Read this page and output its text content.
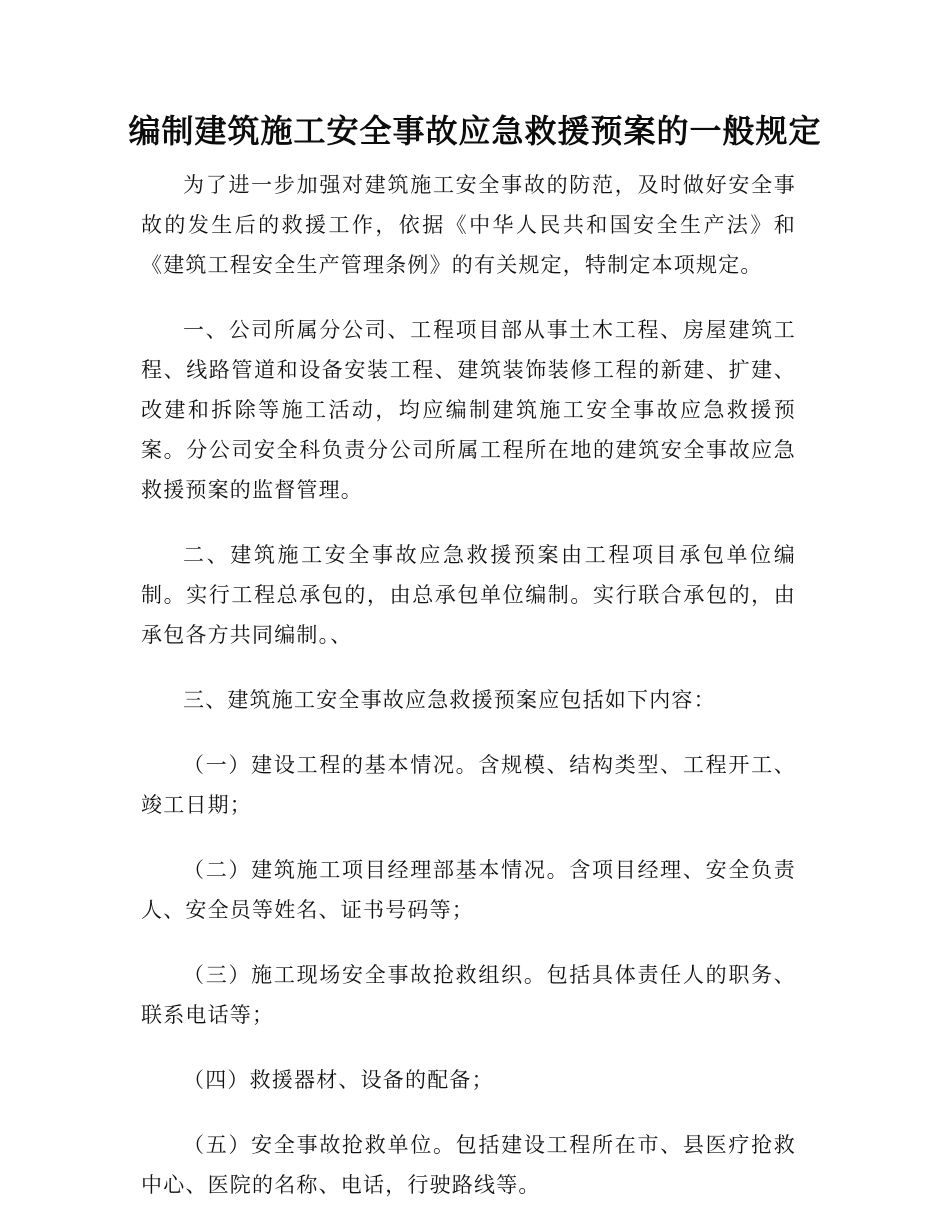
编制建筑施工安全事故应急救援预案的一般规定

为了进一步加强对建筑施工安全事故的防范，及时做好安全事故的发生后的救援工作，依据《中华人民共和国安全生产法》和《建筑工程安全生产管理条例》的有关规定，特制定本项规定。

一、公司所属分公司、工程项目部从事土木工程、房屋建筑工程、线路管道和设备安装工程、建筑装饰装修工程的新建、扩建、改建和拆除等施工活动，均应编制建筑施工安全事故应急救援预案。分公司安全科负责分公司所属工程所在地的建筑安全事故应急救援预案的监督管理。

二、建筑施工安全事故应急救援预案由工程项目承包单位编制。实行工程总承包的，由总承包单位编制。实行联合承包的，由承包各方共同编制。、

三、建筑施工安全事故应急救援预案应包括如下内容：

（一）建设工程的基本情况。含规模、结构类型、工程开工、竣工日期；

（二）建筑施工项目经理部基本情况。含项目经理、安全负责人、安全员等姓名、证书号码等；

（三）施工现场安全事故抢救组织。包括具体责任人的职务、联系电话等；

（四）救援器材、设备的配备；

（五）安全事故抢救单位。包括建设工程所在市、县医疗抢救中心、医院的名称、电话，行驶路线等。
